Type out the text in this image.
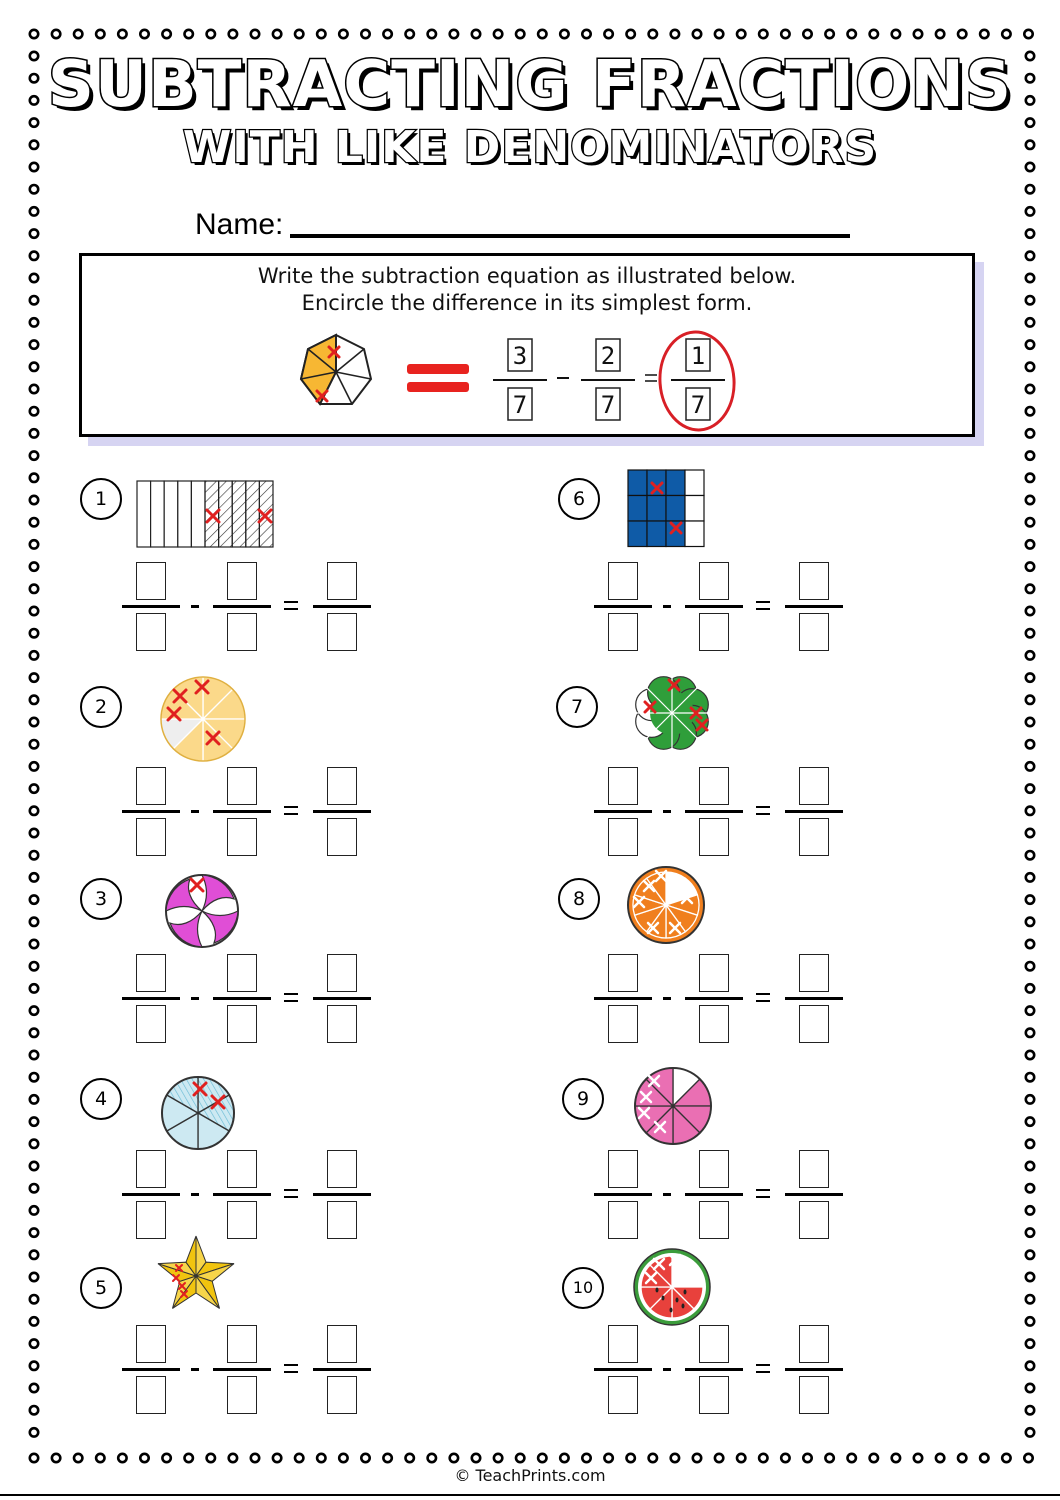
SUBTRACTING FRACTIONS
WITH LIKE DENOMINATORS
Name:
Write the subtraction equation as illustrated below.
Encircle the difference in its simplest form.
3
7
2
7
1
7
1
2
3
4
5
6
7
8
9
10
© TeachPrints.com
